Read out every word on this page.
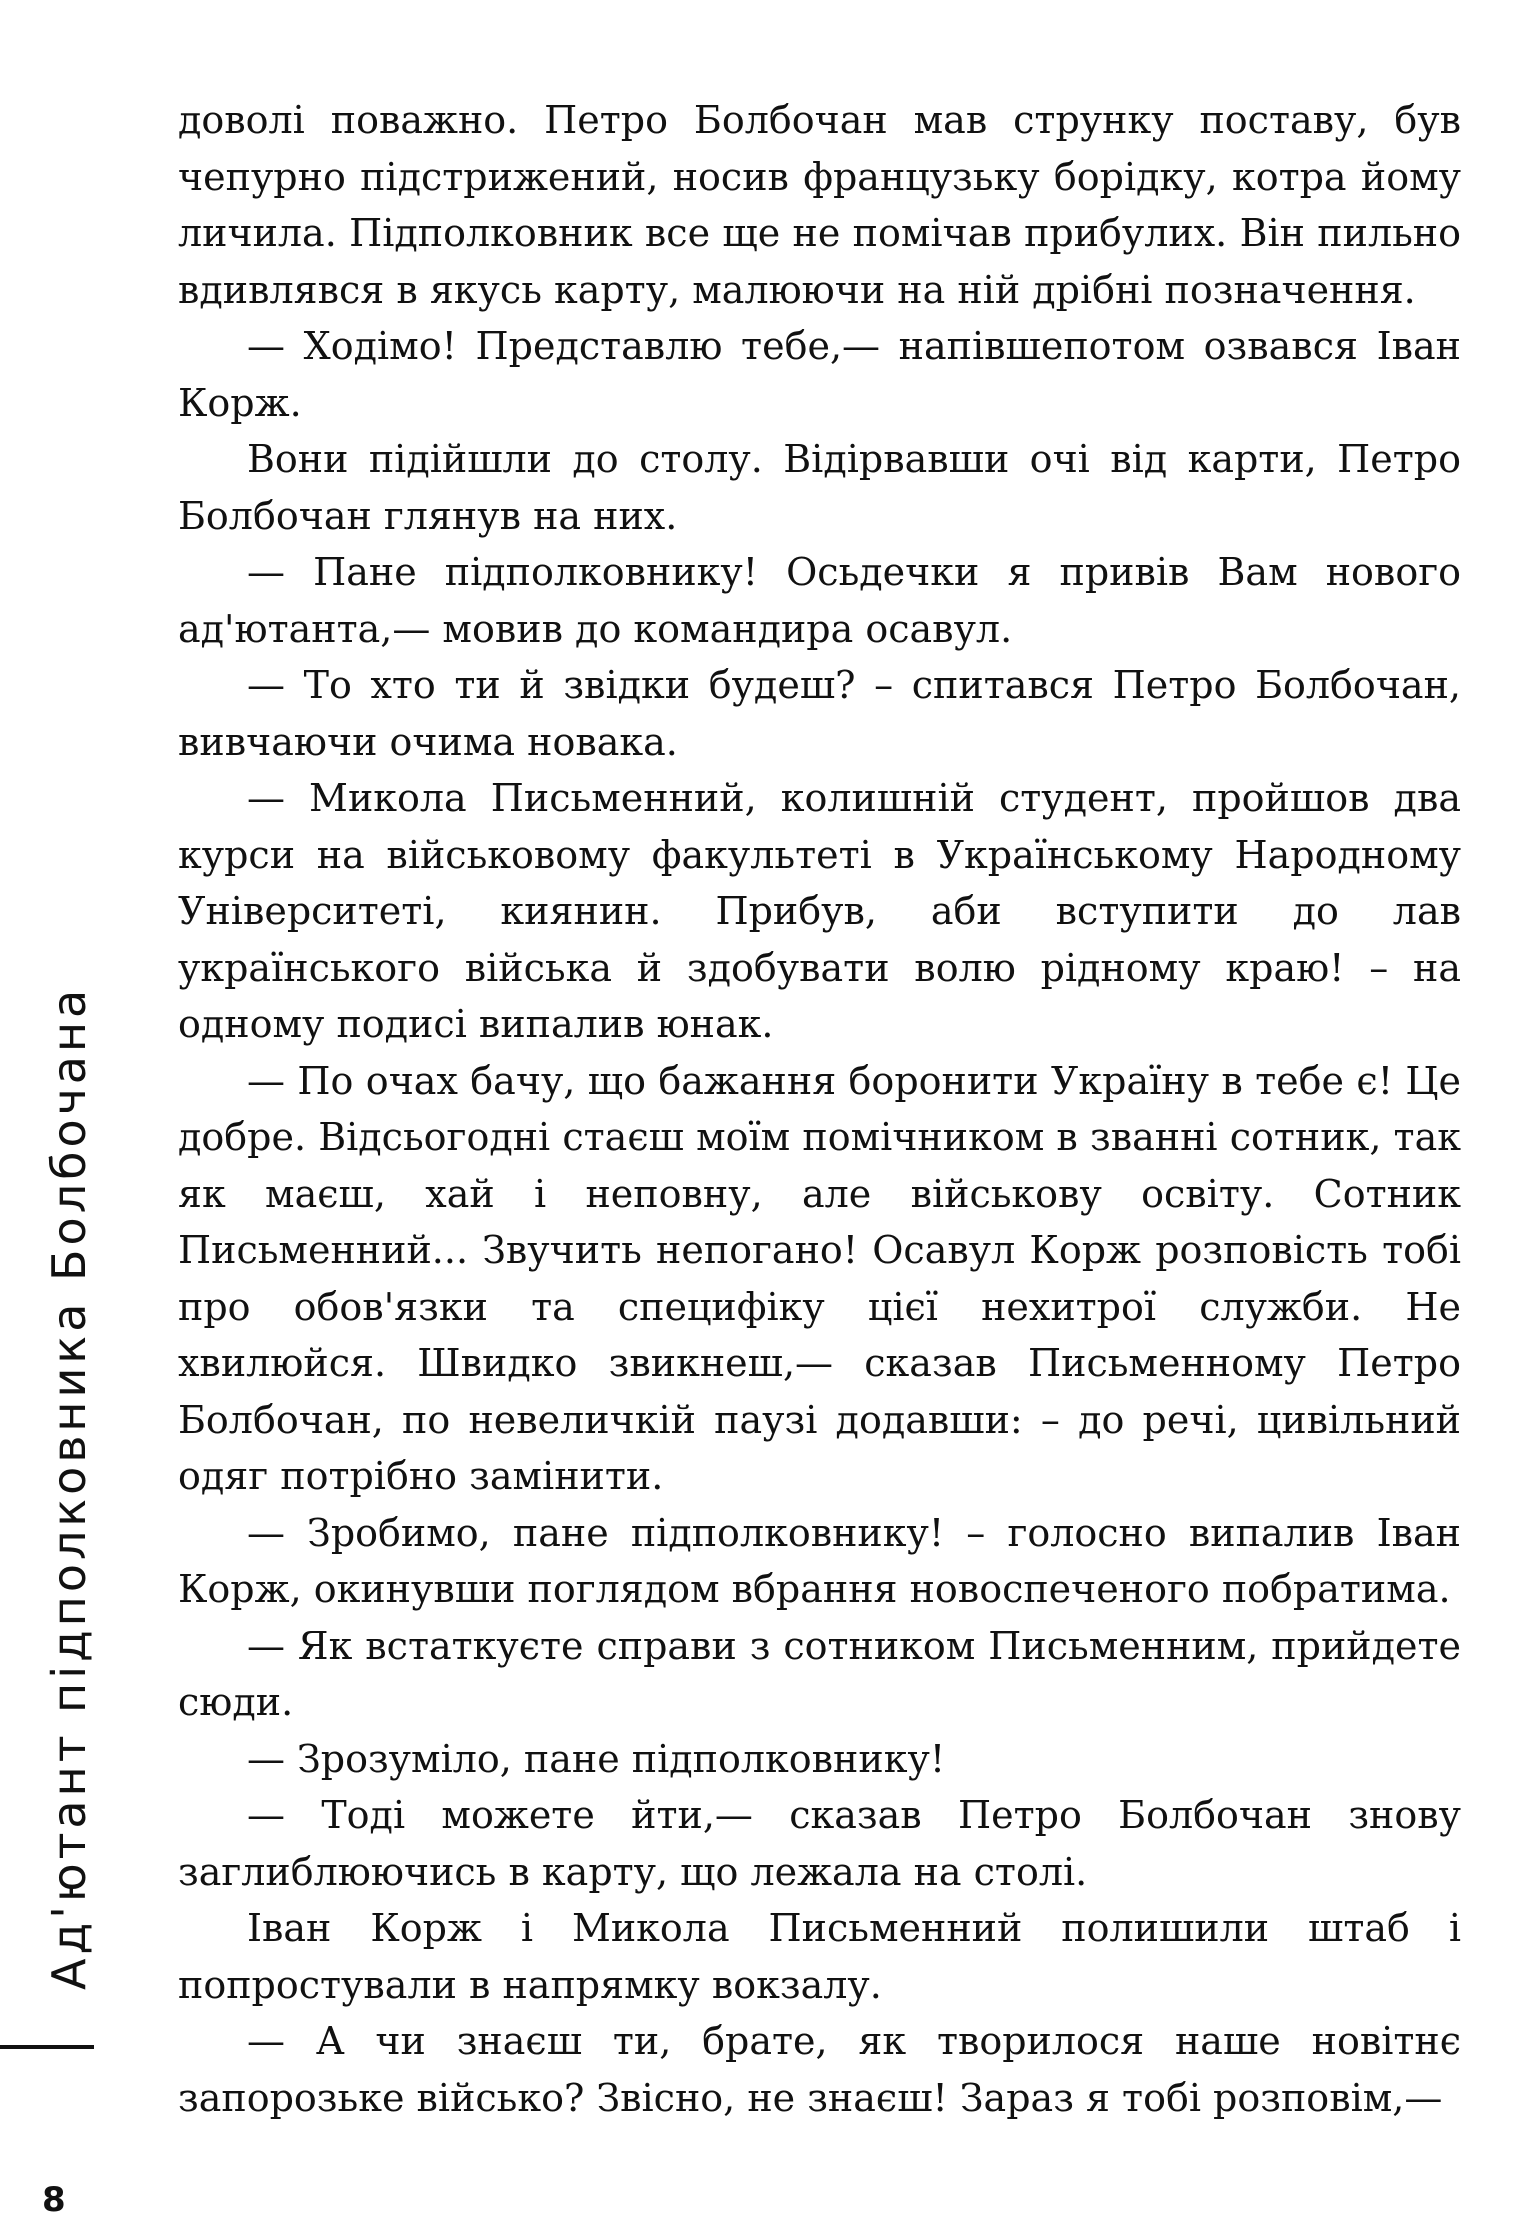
доволі поважно. Петро Болбочан мав струнку поставу, був чепурно підстрижений, носив французьку борідку, котра йому личила. Підполковник все ще не помічав прибулих. Він пильно вдивлявся в якусь карту, малюючи на ній дрібні позначення.

— Ходімо! Представлю тебе,— напівшепотом озвався Іван Корж.

Вони підійшли до столу. Відірвавши очі від карти, Петро Болбочан глянув на них.

— Пане підполковнику! Осьдечки я привів Вам нового ад'ютанта,— мовив до командира осавул.

— То хто ти й звідки будеш? – спитався Петро Болбочан, вивчаючи очима новака.

— Микола Письменний, колишній студент, пройшов два курси на військовому факультеті в Українському Народному Університеті, киянин. Прибув, аби вступити до лав українського війська й здобувати волю рідному краю! – на одному подисі випалив юнак.

— По очах бачу, що бажання боронити Україну в тебе є! Це добре. Відсьогодні стаєш моїм помічником в званні сотник, так як маєш, хай і неповну, але військову освіту. Сотник Письменний... Звучить непогано! Осавул Корж розповість тобі про обов'язки та специфіку цієї нехитрої служби. Не хвилюйся. Швидко звикнеш,— сказав Письменному Петро Болбочан, по невеличкій паузі додавши: – до речі, цивільний одяг потрібно замінити.

— Зробимо, пане підполковнику! – голосно випалив Іван Корж, окинувши поглядом вбрання новоспеченого побратима.

— Як встаткуєте справи з сотником Письменним, прийдете сюди.

— Зрозуміло, пане підполковнику!

— Тоді можете йти,— сказав Петро Болбочан знову заглиблюючись в карту, що лежала на столі.

Іван Корж і Микола Письменний полишили штаб і попростували в напрямку вокзалу.

— А чи знаєш ти, брате, як творилося наше новітнє запорозьке військо? Звісно, не знаєш! Зараз я тобі розповім,—

Ад'ютант підполковника Болбочана
8
